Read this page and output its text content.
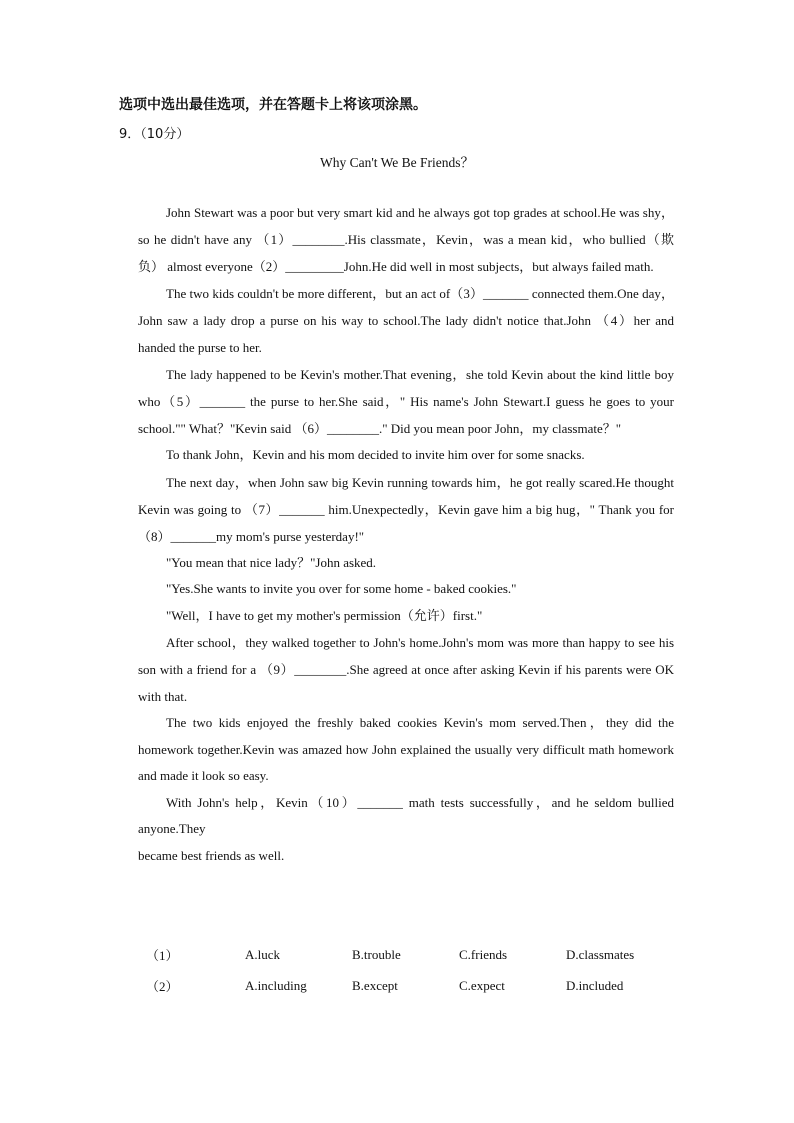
选项中选出最佳选项，并在答题卡上将该项涂黑。
9．（10分）
Why Can't We Be Friends？

John Stewart was a poor but very smart kid and he always got top grades at school.He was shy，so he didn't have any （1）________.His classmate，Kevin，was a mean kid，who bullied（欺负） almost everyone（2）_________John.He did well in most subjects，but always failed math.

The two kids couldn't be more different，but an act of（3）_______ connected them.One day，John saw a lady drop a purse on his way to school.The lady didn't notice that.John （4）her and handed the purse to her.

The lady happened to be Kevin's mother.That evening，she told Kevin about the kind little boy who（5）_______ the purse to her.She said，" His name's John Stewart.I guess he goes to your school."" What？"Kevin said （6）________." Did you mean poor John，my classmate？"

To thank John，Kevin and his mom decided to invite him over for some snacks.

The next day，when John saw big Kevin running towards him，he got really scared.He thought Kevin was going to （7）_______ him.Unexpectedly，Kevin gave him a big hug，" Thank you for （8）_______my mom's purse yesterday!"

"You mean that nice lady？"John asked.

"Yes.She wants to invite you over for some home - baked cookies."

"Well，I have to get my mother's permission（允许）first."

After school，they walked together to John's home.John's mom was more than happy to see his son with a friend for a （9）________.She agreed at once after asking Kevin if his parents were OK with that.

The two kids enjoyed the freshly baked cookies Kevin's mom served.Then，they did the homework together.Kevin was amazed how John explained the usually very difficult math homework and made it look so easy.

With John's help，Kevin（10）_______ math tests successfully，and he seldom bullied anyone.They

became best friends as well.

（1）	A.luck	B.trouble	C.friends	D.classmates
（2）	A.including	B.except	C.expect	D.included
